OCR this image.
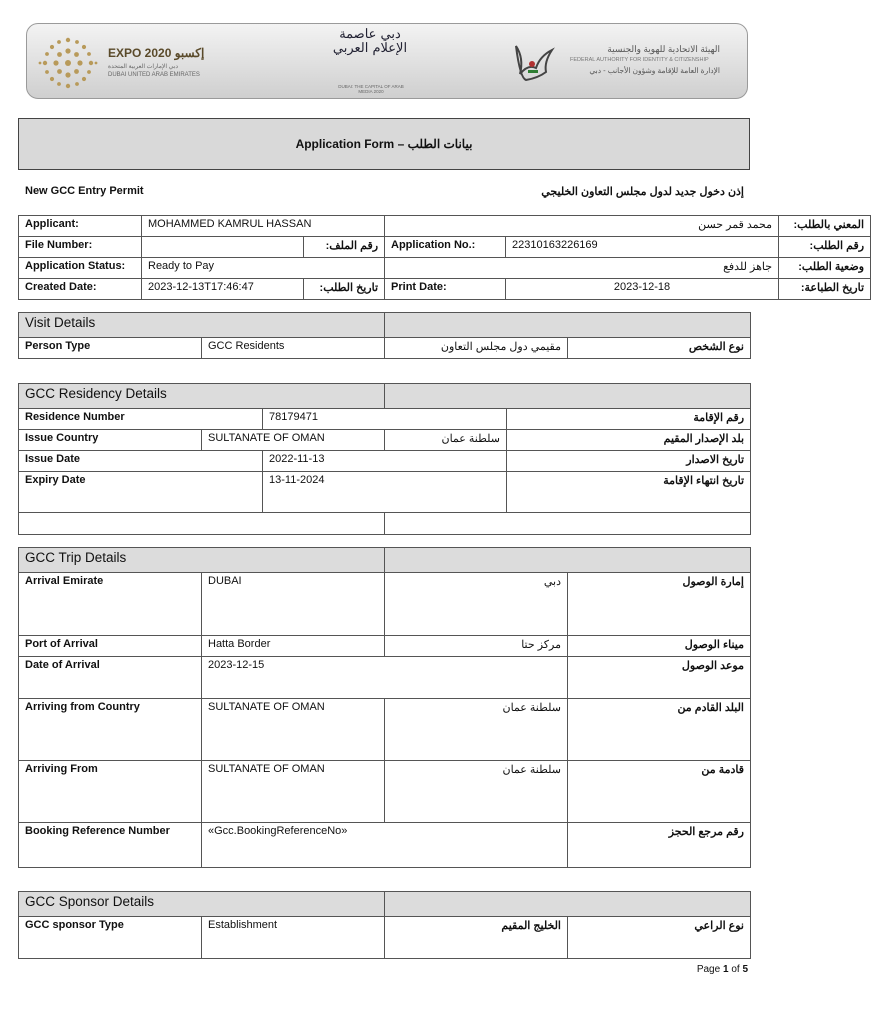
EXPO 2020 إكسبو
دبي الإمارات العربية المتحدة
DUBAI UNITED ARAB EMIRATES
دبي عاصمة الإعلام العربي
DUBAI: THE CAPITAL OF ARAB MEDIA 2020
الهيئة الاتحادية للهوية والجنسية
FEDERAL AUTHORITY FOR IDENTITY & CITIZENSHIP
الإدارة العامة للإقامة وشؤون الأجانب - دبي
Application Form – بيانات الطلب
New GCC Entry Permit	إذن دخول جديد لدول مجلس التعاون الخليجي
Applicant:	MOHAMMED KAMRUL HASSAN		محمد قمر حسن		المعني بالطلب:
File Number:		رقم الملف:	Application No.:	22310163226169	رقم الطلب:
Application Status:	Ready to Pay		جاهز للدفع		وضعية الطلب:
Created Date:	2023-12-13T17:46:47	تاريخ الطلب:	Print Date:	2023-12-18	تاريخ الطباعة:
Visit Details			
Person Type	GCC Residents	مقيمي دول مجلس التعاون	نوع الشخص
GCC Residency Details				
Residence Number		78179471		رقم الإقامة
Issue Country	SULTANATE OF OMAN		سلطنة عمان	بلد الإصدار المقيم
Issue Date		2022-11-13		تاريخ الاصدار
Expiry Date		13-11-2024		تاريخ انتهاء الإقامة

GCC Trip Details			
Arrival Emirate	DUBAI	دبي	إمارة الوصول
Port of Arrival	Hatta Border	مركز حتا	ميناء الوصول
Date of Arrival	2023-12-15		موعد الوصول
Arriving from Country	SULTANATE OF OMAN	سلطنة عمان	البلد القادم من
Arriving From	SULTANATE OF OMAN	سلطنة عمان	قادمة من
Booking Reference Number	«Gcc.BookingReferenceNo»		رقم مرجع الحجز
GCC Sponsor Details			
GCC sponsor Type	Establishment	الخليج المقيم	نوع الراعي
Page 1 of 5
